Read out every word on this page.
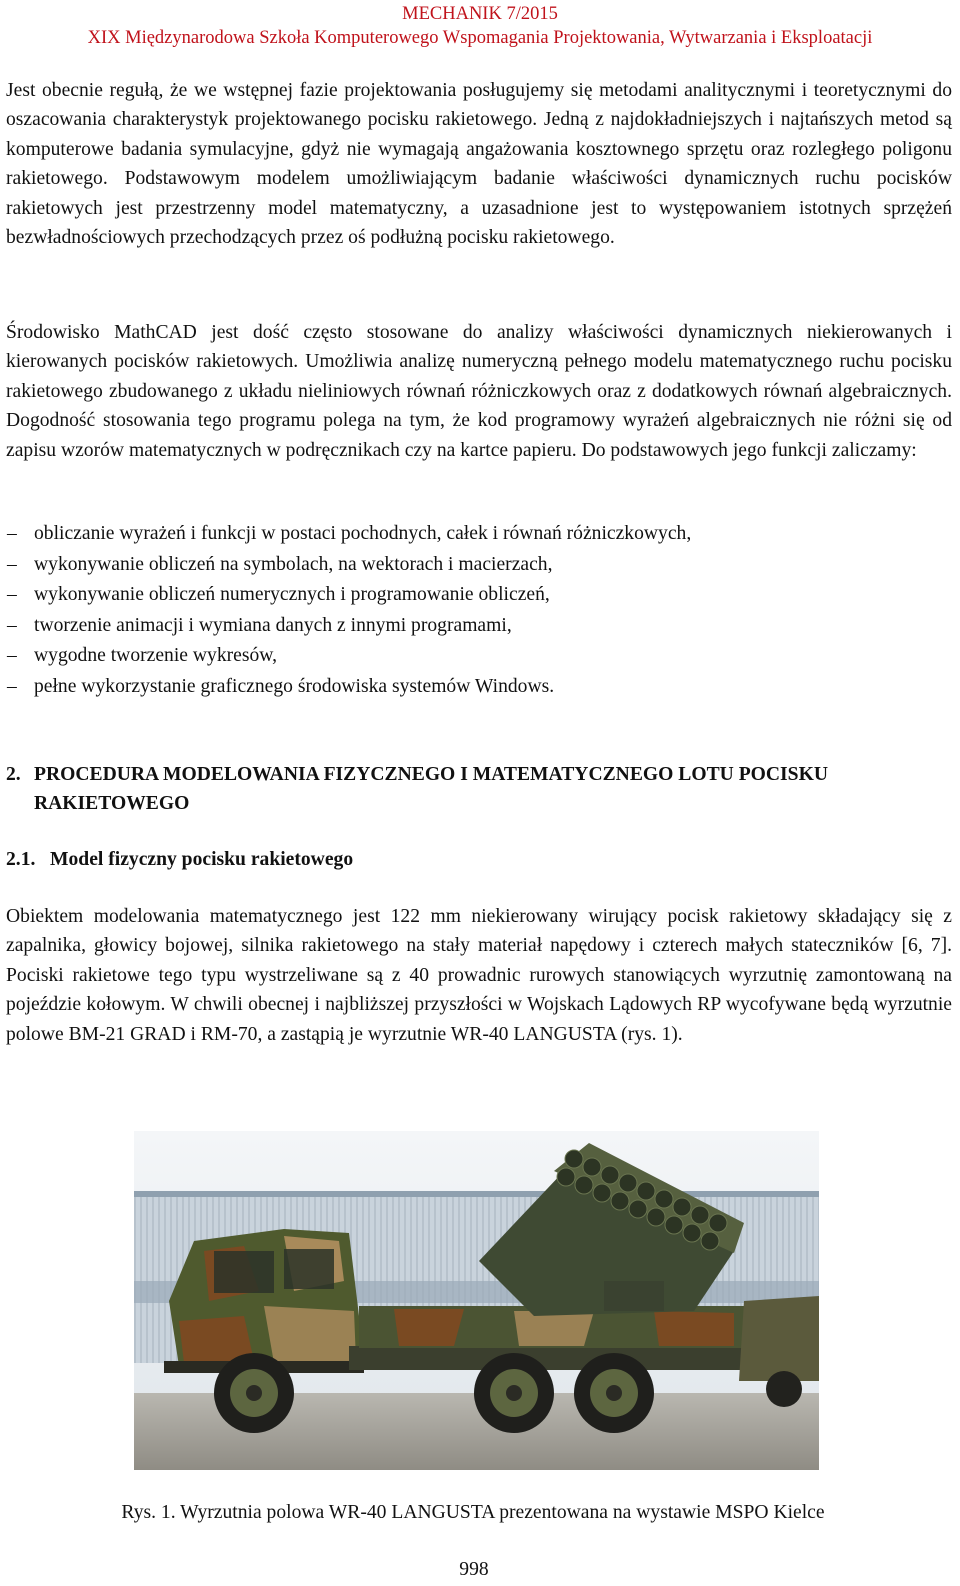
MECHANIK 7/2015
XIX Międzynarodowa Szkoła Komputerowego Wspomagania Projektowania, Wytwarzania i Eksploatacji

Jest obecnie regułą, że we wstępnej fazie projektowania posługujemy się metodami analitycznymi i teoretycznymi do oszacowania charakterystyk projektowanego pocisku rakietowego. Jedną z najdokładniejszych i najtańszych metod są komputerowe badania symulacyjne, gdyż nie wymagają angażowania kosztownego sprzętu oraz rozległego poligonu rakietowego. Podstawowym modelem umożliwiającym badanie właściwości dynamicznych ruchu pocisków rakietowych jest przestrzenny model matematyczny, a uzasadnione jest to występowaniem istotnych sprzężeń bezwładnościowych przechodzących przez oś podłużną pocisku rakietowego.

Środowisko MathCAD jest dość często stosowane do analizy właściwości dynamicznych niekierowanych i kierowanych pocisków rakietowych. Umożliwia analizę numeryczną pełnego modelu matematycznego ruchu pocisku rakietowego zbudowanego z układu nieliniowych równań różniczkowych oraz z dodatkowych równań algebraicznych. Dogodność stosowania tego programu polega na tym, że kod programowy wyrażeń algebraicznych nie różni się od zapisu wzorów matematycznych w podręcznikach czy na kartce papieru. Do podstawowych jego funkcji zaliczamy:

– obliczanie wyrażeń i funkcji w postaci pochodnych, całek i równań różniczkowych,
– wykonywanie obliczeń na symbolach, na wektorach i macierzach,
– wykonywanie obliczeń numerycznych i programowanie obliczeń,
– tworzenie animacji i wymiana danych z innymi programami,
– wygodne tworzenie wykresów,
– pełne wykorzystanie graficznego środowiska systemów Windows.
2. PROCEDURA MODELOWANIA FIZYCZNEGO I MATEMATYCZNEGO LOTU POCISKU RAKIETOWEGO
2.1. Model fizyczny pocisku rakietowego

Obiektem modelowania matematycznego jest 122 mm niekierowany wirujący pocisk rakietowy składający się z zapalnika, głowicy bojowej, silnika rakietowego na stały materiał napędowy i czterech małych stateczników [6, 7]. Pociski rakietowe tego typu wystrzeliwane są z 40 prowadnic rurowych stanowiących wyrzutnię zamontowaną na pojeździe kołowym. W chwili obecnej i najbliższej przyszłości w Wojskach Lądowych RP wycofywane będą wyrzutnie polowe BM-21 GRAD i RM-70, a zastąpią je wyrzutnie WR-40 LANGUSTA (rys. 1).

Rys. 1. Wyrzutnia polowa WR-40 LANGUSTA prezentowana na wystawie MSPO Kielce
998
